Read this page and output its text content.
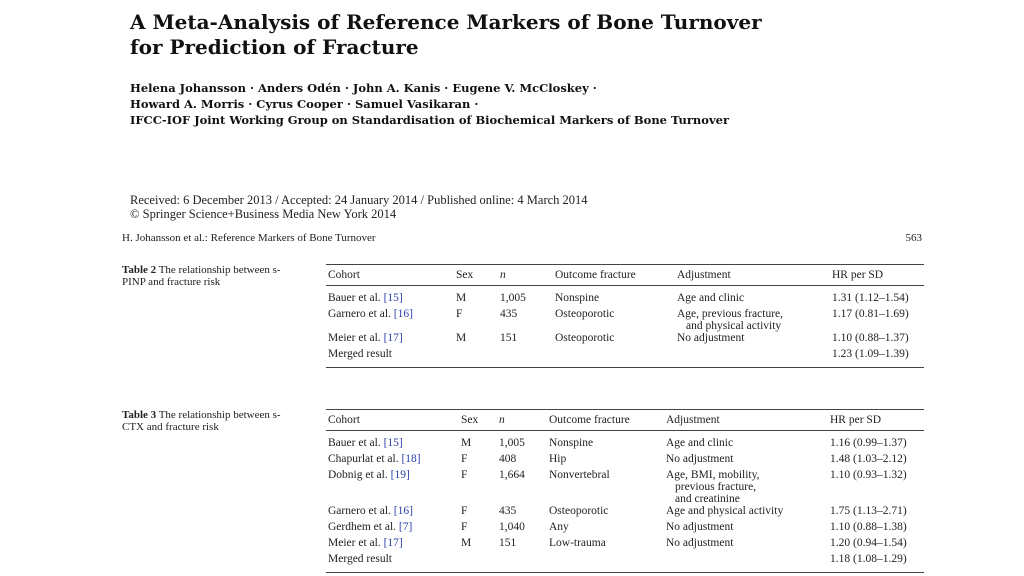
A Meta-Analysis of Reference Markers of Bone Turnover
for Prediction of Fracture
Helena Johansson · Anders Odén · John A. Kanis · Eugene V. McCloskey ·
Howard A. Morris · Cyrus Cooper · Samuel Vasikaran ·
IFCC-IOF Joint Working Group on Standardisation of Biochemical Markers of Bone Turnover
Received: 6 December 2013 / Accepted: 24 January 2014 / Published online: 4 March 2014
© Springer Science+Business Media New York 2014
H. Johansson et al.: Reference Markers of Bone Turnover	563
Table 2 The relationship between s-PINP and fracture risk
Cohort	Sex	n	Outcome fracture	Adjustment	HR per SD
Bauer et al. [15]	M	1,005	Nonspine	Age and clinic	1.31 (1.12–1.54)
Garnero et al. [16]	F	435	Osteoporotic	Age, previous fracture,
and physical activity	1.17 (0.81–1.69)
Meier et al. [17]	M	151	Osteoporotic	No adjustment	1.10 (0.88–1.37)
Merged result					1.23 (1.09–1.39)
Table 3 The relationship between s-CTX and fracture risk
Cohort	Sex	n	Outcome fracture	Adjustment	HR per SD
Bauer et al. [15]	M	1,005	Nonspine	Age and clinic	1.16 (0.99–1.37)
Chapurlat et al. [18]	F	408	Hip	No adjustment	1.48 (1.03–2.12)
Dobnig et al. [19]	F	1,664	Nonvertebral	Age, BMI, mobility,
previous fracture,
and creatinine	1.10 (0.93–1.32)
Garnero et al. [16]	F	435	Osteoporotic	Age and physical activity	1.75 (1.13–2.71)
Gerdhem et al. [7]	F	1,040	Any	No adjustment	1.10 (0.88–1.38)
Meier et al. [17]	M	151	Low-trauma	No adjustment	1.20 (0.94–1.54)
Merged result					1.18 (1.08–1.29)
